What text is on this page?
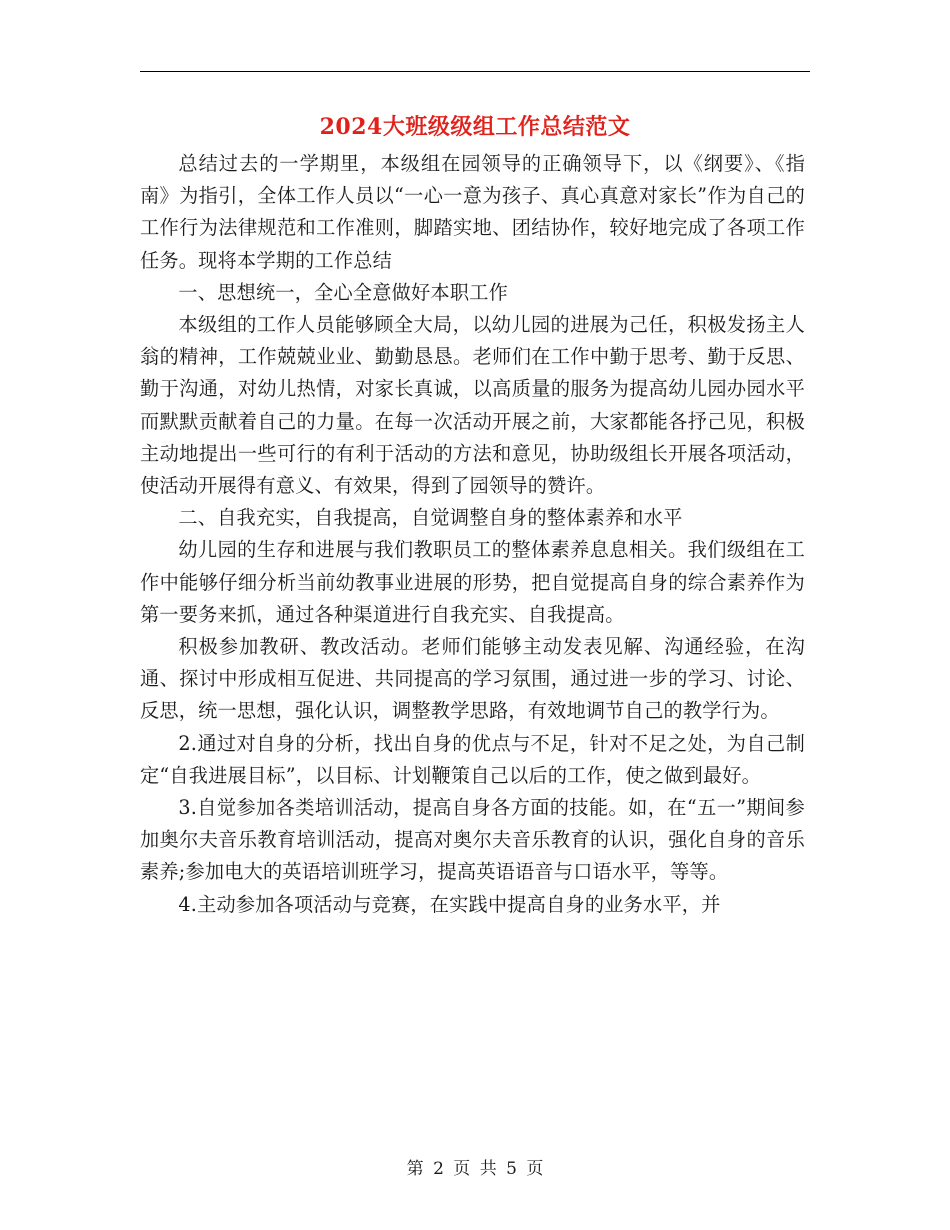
2024大班级级组工作总结范文

总结过去的一学期里，本级组在园领导的正确领导下，以《纲要》、《指南》为指引，全体工作人员以“一心一意为孩子、真心真意对家长”作为自己的工作行为法律规范和工作准则，脚踏实地、团结协作，较好地完成了各项工作任务。现将本学期的工作总结

一、思想统一，全心全意做好本职工作

本级组的工作人员能够顾全大局，以幼儿园的进展为己任，积极发扬主人翁的精神，工作兢兢业业、勤勤恳恳。老师们在工作中勤于思考、勤于反思、勤于沟通，对幼儿热情，对家长真诚，以高质量的服务为提高幼儿园办园水平而默默贡献着自己的力量。在每一次活动开展之前，大家都能各抒己见，积极主动地提出一些可行的有利于活动的方法和意见，协助级组长开展各项活动，使活动开展得有意义、有效果，得到了园领导的赞许。

二、自我充实，自我提高，自觉调整自身的整体素养和水平

幼儿园的生存和进展与我们教职员工的整体素养息息相关。我们级组在工作中能够仔细分析当前幼教事业进展的形势，把自觉提高自身的综合素养作为第一要务来抓，通过各种渠道进行自我充实、自我提高。

积极参加教研、教改活动。老师们能够主动发表见解、沟通经验，在沟通、探讨中形成相互促进、共同提高的学习氛围，通过进一步的学习、讨论、反思，统一思想，强化认识，调整教学思路，有效地调节自己的教学行为。

2.通过对自身的分析，找出自身的优点与不足，针对不足之处，为自己制定“自我进展目标”，以目标、计划鞭策自己以后的工作，使之做到最好。

3.自觉参加各类培训活动，提高自身各方面的技能。如，在“五一”期间参加奥尔夫音乐教育培训活动，提高对奥尔夫音乐教育的认识，强化自身的音乐素养;参加电大的英语培训班学习，提高英语语音与口语水平，等等。

4.主动参加各项活动与竞赛，在实践中提高自身的业务水平，并

第 2 页 共 5 页
